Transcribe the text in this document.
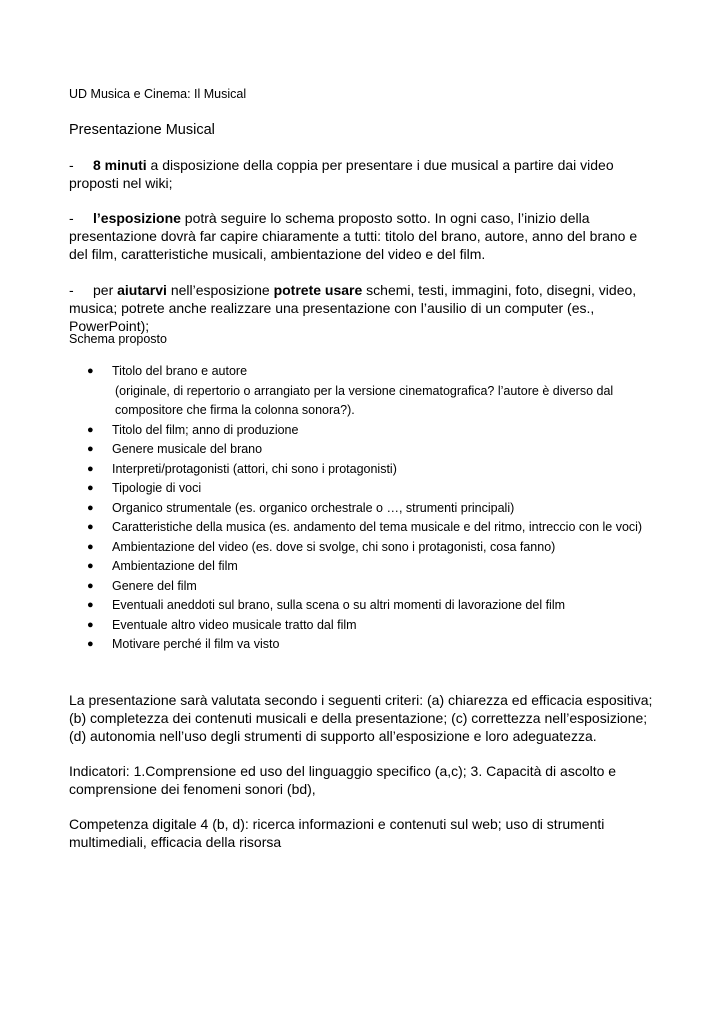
UD Musica e Cinema: Il Musical

Presentazione Musical

- 8 minuti a disposizione della coppia per presentare i due musical a partire dai video proposti nel wiki;

- l’esposizione potrà seguire lo schema proposto sotto. In ogni caso, l’inizio della presentazione dovrà far capire chiaramente a tutti: titolo del brano, autore, anno del brano e del film, caratteristiche musicali, ambientazione del video e del film.

- per aiutarvi nell’esposizione potrete usare schemi, testi, immagini, foto, disegni, video, musica; potrete anche realizzare una presentazione con l’ausilio di un computer (es., PowerPoint);

Schema proposto

● Titolo del brano e autore
(originale, di repertorio o arrangiato per la versione cinematografica? l’autore è diverso dal compositore che firma la colonna sonora?).
● Titolo del film; anno di produzione
● Genere musicale del brano
● Interpreti/protagonisti (attori, chi sono i protagonisti)
● Tipologie di voci
● Organico strumentale (es. organico orchestrale o …, strumenti principali)
● Caratteristiche della musica (es. andamento del tema musicale e del ritmo, intreccio con le voci)
● Ambientazione del video (es. dove si svolge, chi sono i protagonisti, cosa fanno)
● Ambientazione del film
● Genere del film
● Eventuali aneddoti sul brano, sulla scena o su altri momenti di lavorazione del film
● Eventuale altro video musicale tratto dal film
● Motivare perché il film va visto

La presentazione sarà valutata secondo i seguenti criteri: (a) chiarezza ed efficacia espositiva; (b) completezza dei contenuti musicali e della presentazione; (c) correttezza nell’esposizione; (d) autonomia nell’uso degli strumenti di supporto all’esposizione e loro adeguatezza.

Indicatori: 1.Comprensione ed uso del linguaggio specifico (a,c); 3. Capacità di ascolto e comprensione dei fenomeni sonori (bd),

Competenza digitale 4 (b, d): ricerca informazioni e contenuti sul web; uso di strumenti multimediali, efficacia della risorsa
